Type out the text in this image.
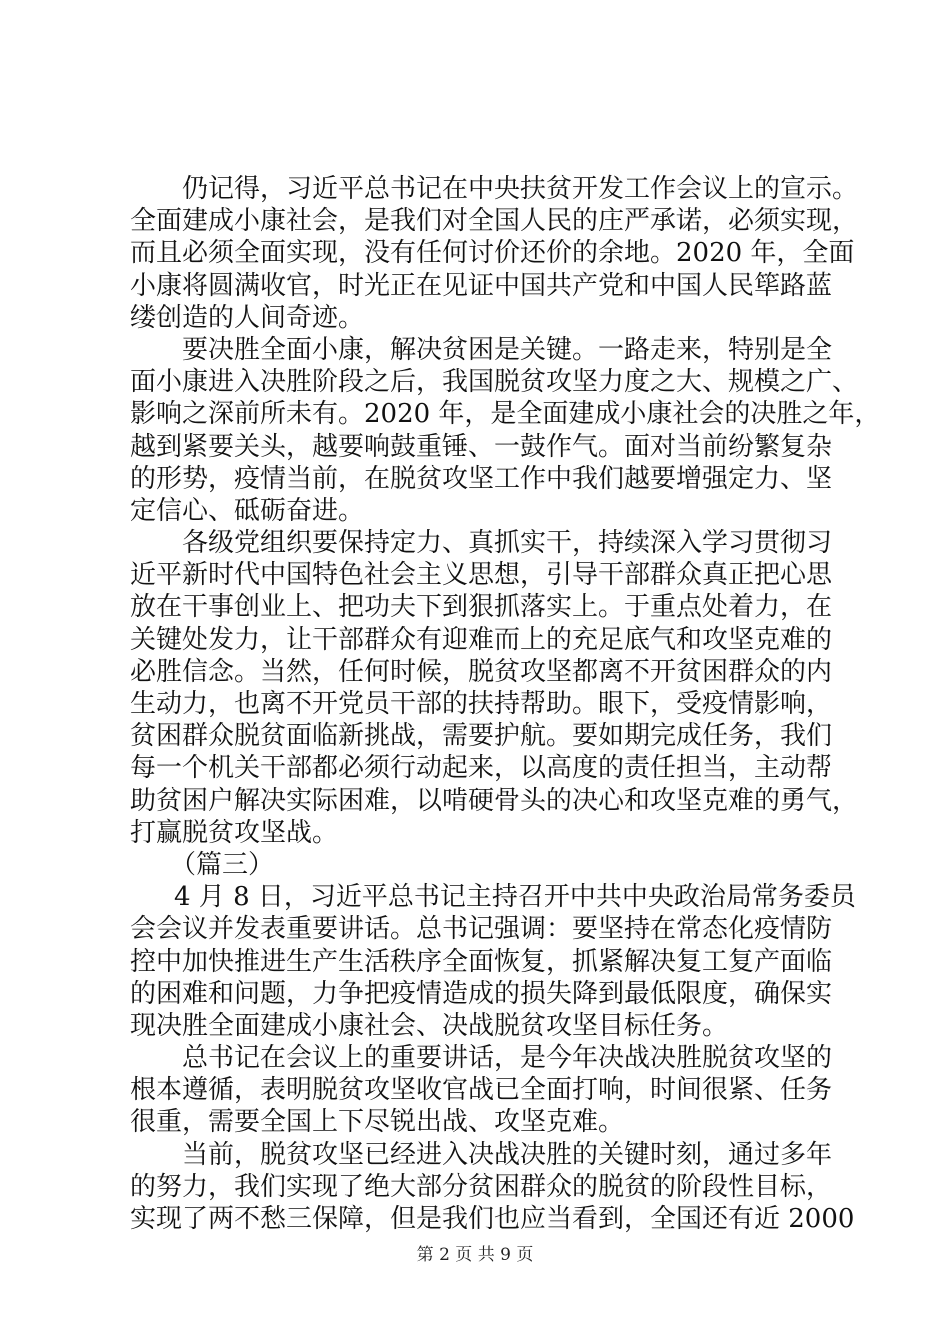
仍记得，习近平总书记在中央扶贫开发工作会议上的宣示。
全面建成小康社会，是我们对全国人民的庄严承诺，必须实现，
而且必须全面实现，没有任何讨价还价的余地。2020 年，全面
小康将圆满收官，时光正在见证中国共产党和中国人民筚路蓝
缕创造的人间奇迹。
要决胜全面小康，解决贫困是关键。一路走来，特别是全
面小康进入决胜阶段之后，我国脱贫攻坚力度之大、规模之广、
影响之深前所未有。2020 年，是全面建成小康社会的决胜之年，
越到紧要关头，越要响鼓重锤、一鼓作气。面对当前纷繁复杂
的形势，疫情当前，在脱贫攻坚工作中我们越要增强定力、坚
定信心、砥砺奋进。
各级党组织要保持定力、真抓实干，持续深入学习贯彻习
近平新时代中国特色社会主义思想，引导干部群众真正把心思
放在干事创业上、把功夫下到狠抓落实上。于重点处着力，在
关键处发力，让干部群众有迎难而上的充足底气和攻坚克难的
必胜信念。当然，任何时候，脱贫攻坚都离不开贫困群众的内
生动力，也离不开党员干部的扶持帮助。眼下，受疫情影响，
贫困群众脱贫面临新挑战，需要护航。要如期完成任务，我们
每一个机关干部都必须行动起来，以高度的责任担当，主动帮
助贫困户解决实际困难，以啃硬骨头的决心和攻坚克难的勇气，
打赢脱贫攻坚战。
（篇三）
4 月 8 日，习近平总书记主持召开中共中央政治局常务委员
会会议并发表重要讲话。总书记强调：要坚持在常态化疫情防
控中加快推进生产生活秩序全面恢复，抓紧解决复工复产面临
的困难和问题，力争把疫情造成的损失降到最低限度，确保实
现决胜全面建成小康社会、决战脱贫攻坚目标任务。
总书记在会议上的重要讲话，是今年决战决胜脱贫攻坚的
根本遵循，表明脱贫攻坚收官战已全面打响，时间很紧、任务
很重，需要全国上下尽锐出战、攻坚克难。
当前，脱贫攻坚已经进入决战决胜的关键时刻，通过多年
的努力，我们实现了绝大部分贫困群众的脱贫的阶段性目标，
实现了两不愁三保障，但是我们也应当看到，全国还有近 2000
第 2 页 共 9 页
